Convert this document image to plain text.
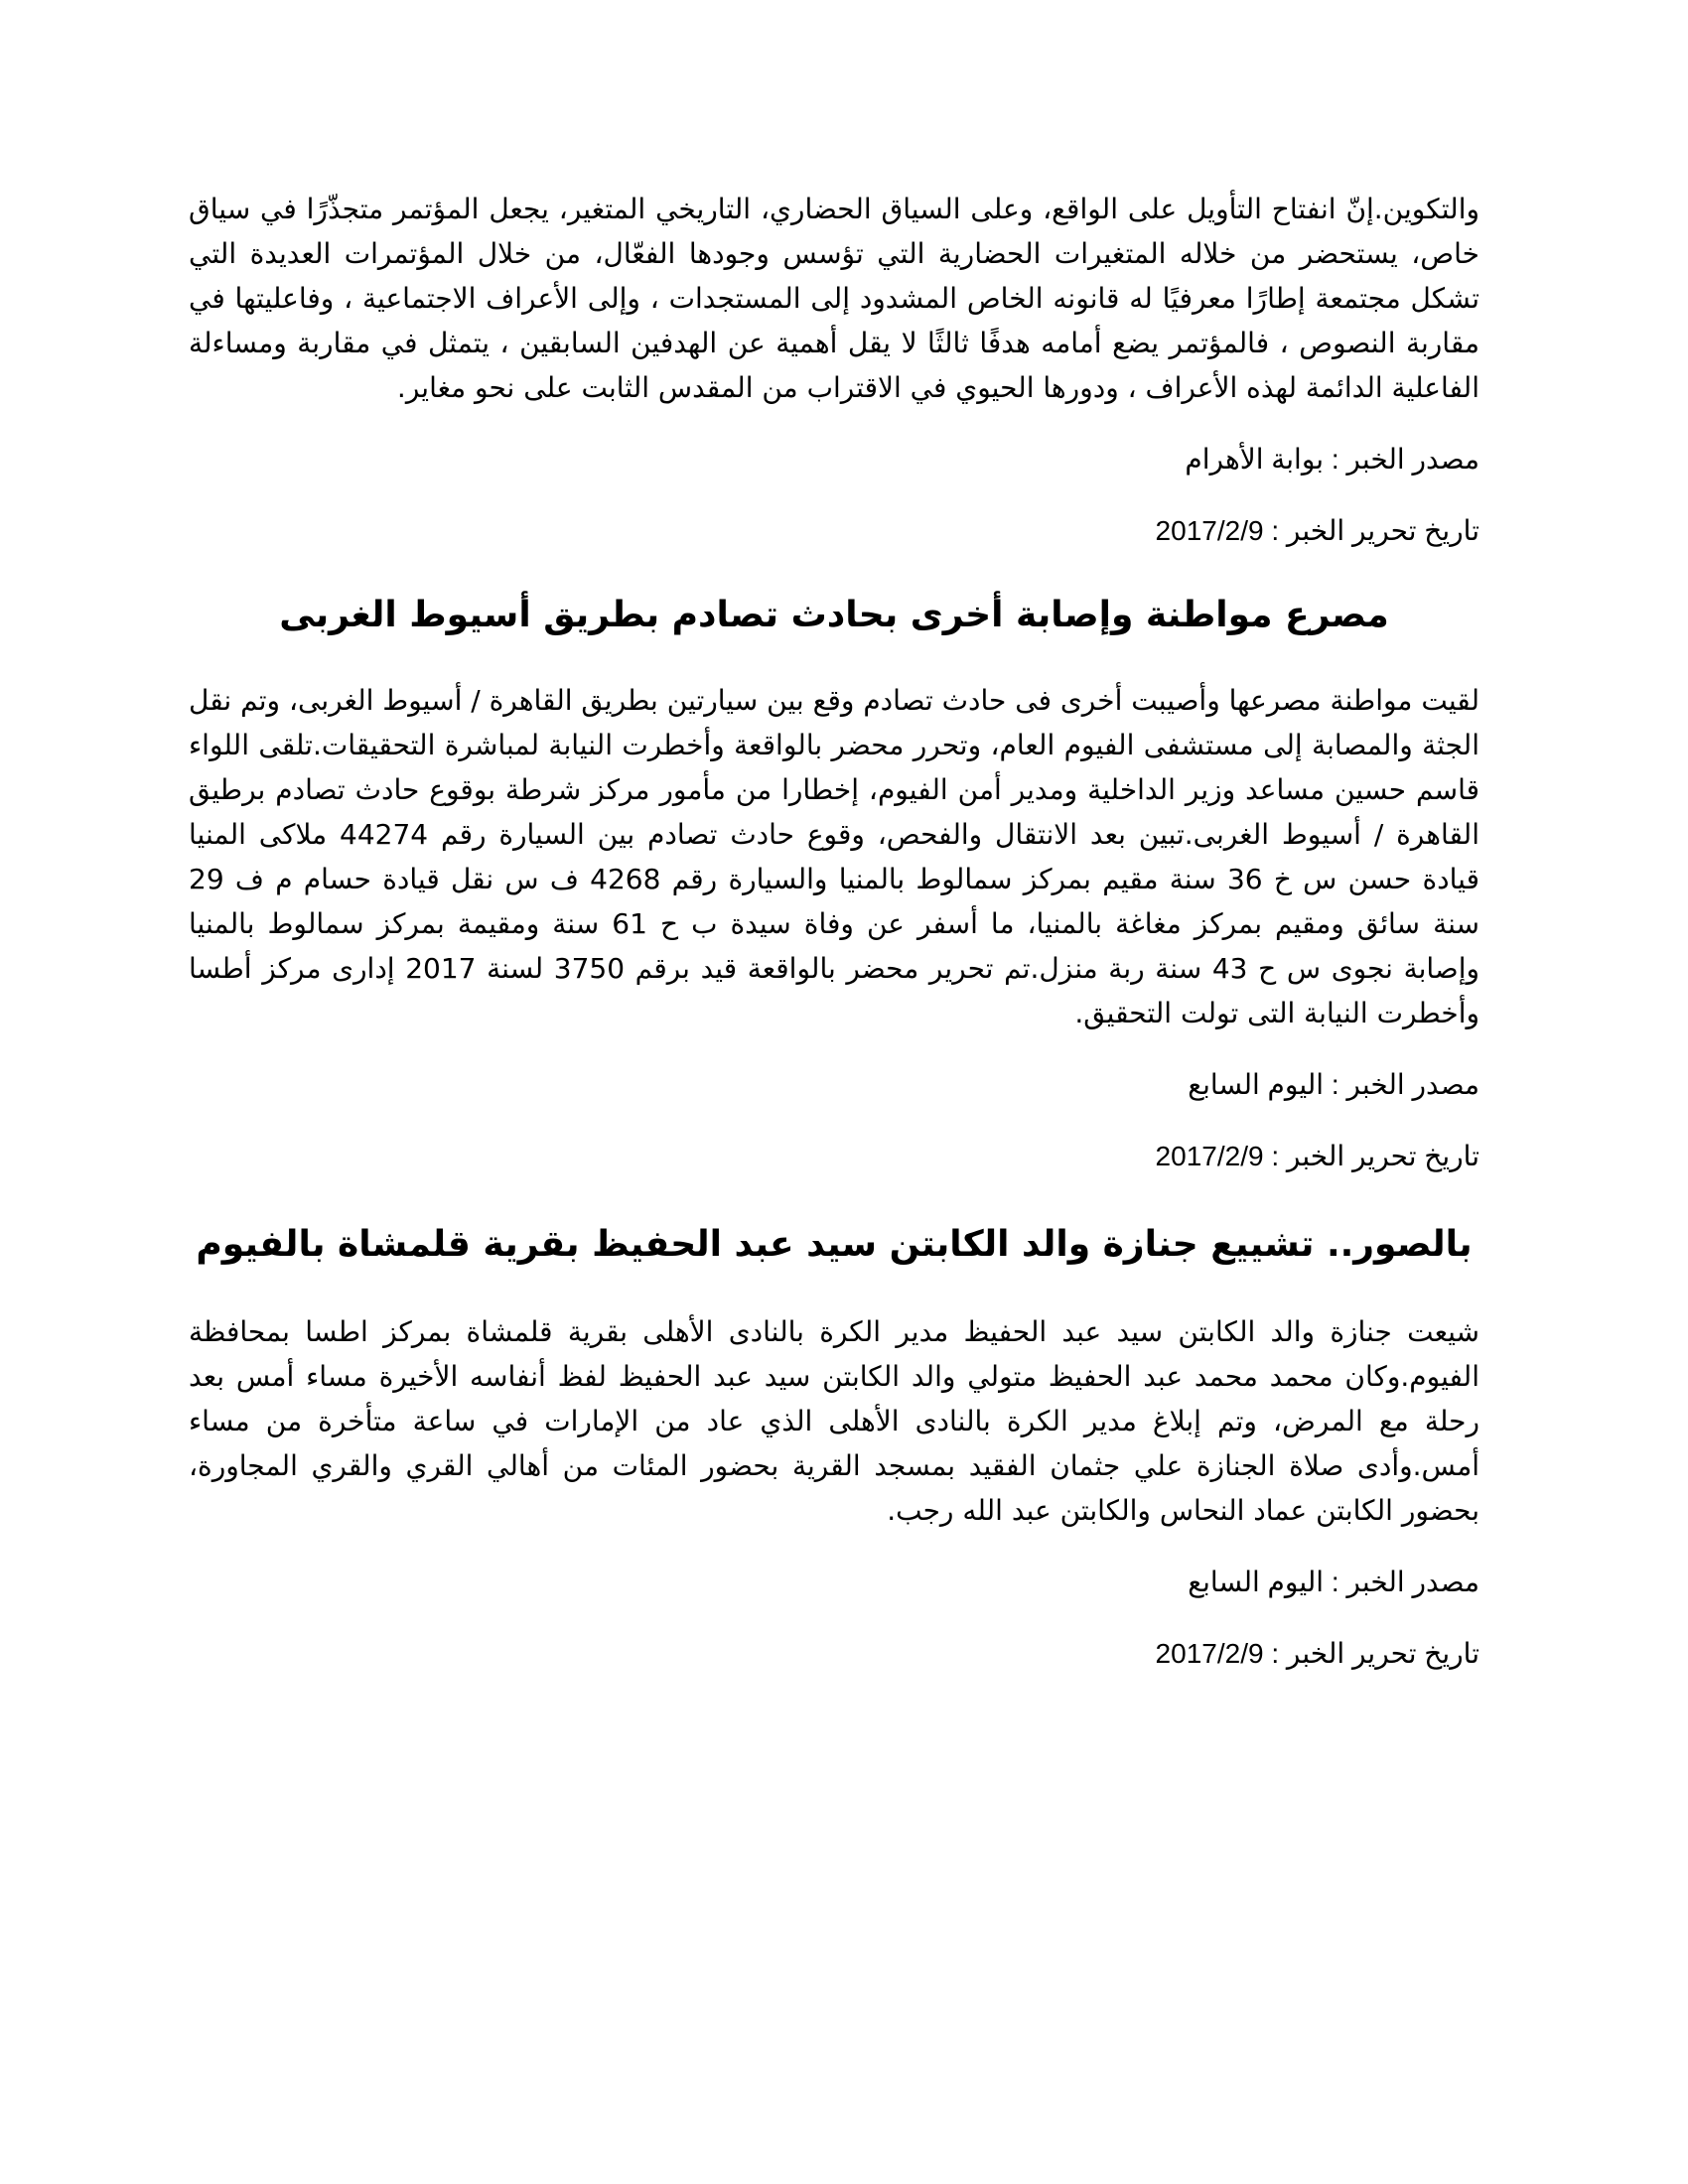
والتكوين.إنّ انفتاح التأويل على الواقع، وعلى السياق الحضاري، التاريخي المتغير، يجعل المؤتمر متجذّرًا في سياق خاص، يستحضر من خلاله المتغيرات الحضارية التي تؤسس وجودها الفعّال، من خلال المؤتمرات العديدة التي تشكل مجتمعة إطارًا معرفيًا له قانونه الخاص المشدود إلى المستجدات ، وإلى الأعراف الاجتماعية ، وفاعليتها في مقاربة النصوص ، فالمؤتمر يضع أمامه هدفًا ثالثًا لا يقل أهمية عن الهدفين السابقين ، يتمثل في مقاربة ومساءلة الفاعلية الدائمة لهذه الأعراف ، ودورها الحيوي في الاقتراب من المقدس الثابت على نحو مغاير.

مصدر الخبر : بوابة الأهرام

تاريخ تحرير الخبر : 2017/2/9

مصرع مواطنة وإصابة أخرى بحادث تصادم بطريق أسيوط الغربى

لقيت مواطنة مصرعها وأصيبت أخرى فى حادث تصادم وقع بين سيارتين بطريق القاهرة / أسيوط الغربى، وتم نقل الجثة والمصابة إلى مستشفى الفيوم العام، وتحرر محضر بالواقعة وأخطرت النيابة لمباشرة التحقيقات.تلقى اللواء قاسم حسين مساعد وزير الداخلية ومدير أمن الفيوم، إخطارا من مأمور مركز شرطة بوقوع حادث تصادم برطيق القاهرة / أسيوط الغربى.تبين بعد الانتقال والفحص، وقوع حادث تصادم بين السيارة رقم 44274 ملاكى المنيا قيادة حسن س خ 36 سنة مقيم بمركز سمالوط بالمنيا والسيارة رقم 4268 ف س نقل قيادة حسام م ف 29 سنة سائق ومقيم بمركز مغاغة بالمنيا، ما أسفر عن وفاة سيدة ب ح 61 سنة ومقيمة بمركز سمالوط بالمنيا وإصابة نجوى س ح 43 سنة ربة منزل.تم تحرير محضر بالواقعة قيد برقم 3750 لسنة 2017 إدارى مركز أطسا وأخطرت النيابة التى تولت التحقيق.

مصدر الخبر : اليوم السابع

تاريخ تحرير الخبر : 2017/2/9

بالصور.. تشييع جنازة والد الكابتن سيد عبد الحفيظ بقرية قلمشاة بالفيوم

شيعت جنازة والد الكابتن سيد عبد الحفيظ مدير الكرة بالنادى الأهلى بقرية قلمشاة بمركز اطسا بمحافظة الفيوم.وكان محمد محمد عبد الحفيظ متولي والد الكابتن سيد عبد الحفيظ لفظ أنفاسه الأخيرة مساء أمس بعد رحلة مع المرض، وتم إبلاغ مدير الكرة بالنادى الأهلى الذي عاد من الإمارات في ساعة متأخرة من مساء أمس.وأدى صلاة الجنازة علي جثمان الفقيد بمسجد القرية بحضور المئات من أهالي القري والقري المجاورة، بحضور الكابتن عماد النحاس والكابتن عبد الله رجب.

مصدر الخبر : اليوم السابع

تاريخ تحرير الخبر : 2017/2/9
